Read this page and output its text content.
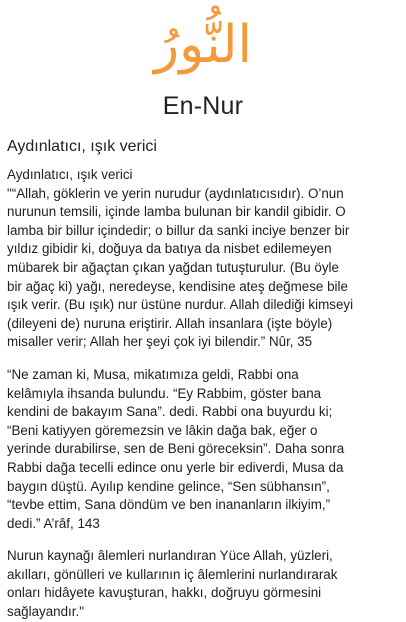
النُّورُ
En-Nur
Aydınlatıcı, ışık verici
Aydınlatıcı, ışık verici
"“Allah, göklerin ve yerin nurudur (aydınlatıcısıdır). O’nun
nurunun temsili, içinde lamba bulunan bir kandil gibidir. O
lamba bir billur içindedir; o billur da sanki inciye benzer bir
yıldız gibidir ki, doğuya da batıya da nisbet edilemeyen
mübarek bir ağaçtan çıkan yağdan tutuşturulur. (Bu öyle
bir ağaç ki) yağı, neredeyse, kendisine ateş değmese bile
ışık verir. (Bu ışık) nur üstüne nurdur. Allah dilediği kimseyi
(dileyeni de) nuruna eriştirir. Allah insanlara (işte böyle)
misaller verir; Allah her şeyi çok iyi bilendir.” Nûr, 35
“Ne zaman ki, Musa, mikatımıza geldi, Rabbi ona
kelâmıyla ihsanda bulundu. “Ey Rabbim, göster bana
kendini de bakayım Sana”. dedi. Rabbi ona buyurdu ki;
“Beni katiyyen göremezsin ve lâkin dağa bak, eğer o
yerinde durabilirse, sen de Beni göreceksin”. Daha sonra
Rabbi dağa tecelli edince onu yerle bir ediverdi, Musa da
baygın düştü. Ayılıp kendine gelince, “Sen sübhansın”,
“tevbe ettim, Sana döndüm ve ben inananların ilkiyim,”
dedi.” A’râf, 143
Nurun kaynağı âlemleri nurlandıran Yüce Allah, yüzleri,
akılları, gönülleri ve kullarının iç âlemlerini nurlandırarak
onları hidâyete kavuşturan, hakkı, doğruyu görmesini
sağlayandır."
